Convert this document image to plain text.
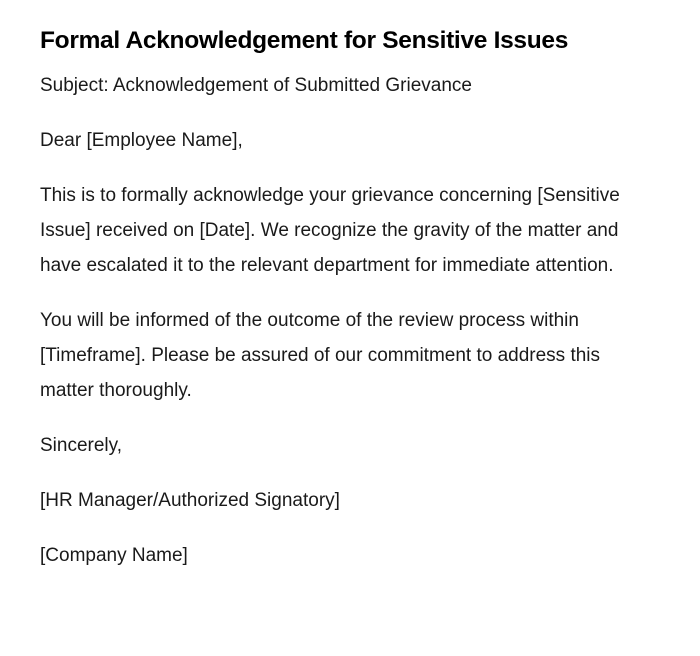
Formal Acknowledgement for Sensitive Issues

Subject: Acknowledgement of Submitted Grievance

Dear [Employee Name],

This is to formally acknowledge your grievance concerning [Sensitive Issue] received on [Date]. We recognize the gravity of the matter and have escalated it to the relevant department for immediate attention.

You will be informed of the outcome of the review process within [Timeframe]. Please be assured of our commitment to address this matter thoroughly.

Sincerely,

[HR Manager/Authorized Signatory]

[Company Name]
